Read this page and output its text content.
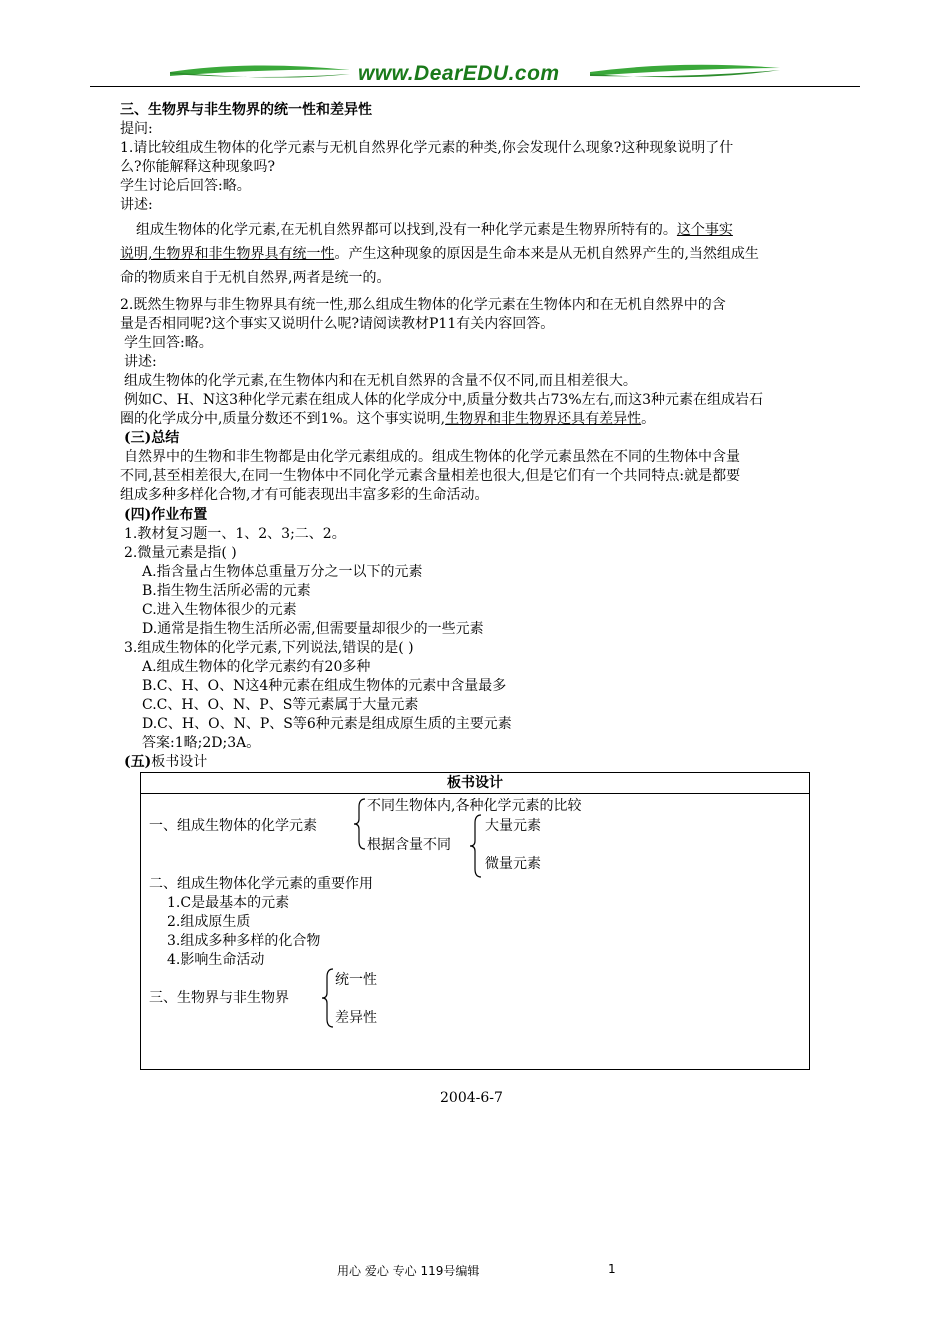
www.DearEDU.com
三、生物界与非生物界的统一性和差异性
提问:
1.请比较组成生物体的化学元素与无机自然界化学元素的种类,你会发现什么现象?这种现象说明了什
么?你能解释这种现象吗?
学生讨论后回答:略。
讲述:
组成生物体的化学元素,在无机自然界都可以找到,没有一种化学元素是生物界所特有的。这个事实
说明,生物界和非生物界具有统一性。产生这种现象的原因是生命本来是从无机自然界产生的,当然组成生
命的物质来自于无机自然界,两者是统一的。
2.既然生物界与非生物界具有统一性,那么组成生物体的化学元素在生物体内和在无机自然界中的含
量是否相同呢?这个事实又说明什么呢?请阅读教材P11有关内容回答。
学生回答:略。
讲述:
组成生物体的化学元素,在生物体内和在无机自然界的含量不仅不同,而且相差很大。
例如C、H、N这3种化学元素在组成人体的化学成分中,质量分数共占73%左右,而这3种元素在组成岩石
圈的化学成分中,质量分数还不到1%。这个事实说明,生物界和非生物界还具有差异性。
(三)总结
自然界中的生物和非生物都是由化学元素组成的。组成生物体的化学元素虽然在不同的生物体中含量
不同,甚至相差很大,在同一生物体中不同化学元素含量相差也很大,但是它们有一个共同特点:就是都要
组成多种多样化合物,才有可能表现出丰富多彩的生命活动。
(四)作业布置
1.教材复习题一、1、2、3;二、2。
2.微量元素是指( )
A.指含量占生物体总重量万分之一以下的元素
B.指生物生活所必需的元素
C.进入生物体很少的元素
D.通常是指生物生活所必需,但需要量却很少的一些元素
3.组成生物体的化学元素,下列说法,错误的是( )
A.组成生物体的化学元素约有20多种
B.C、H、O、N这4种元素在组成生物体的元素中含量最多
C.C、H、O、N、P、S等元素属于大量元素
D.C、H、O、N、P、S等6种元素是组成原生质的主要元素
答案:1略;2D;3A。
(五)板书设计
板书设计
一、组成生物体的化学元素
不同生物体内,各种化学元素的比较
根据含量不同
大量元素
微量元素
二、组成生物体化学元素的重要作用
1.C是最基本的元素
2.组成原生质
3.组成多种多样的化合物
4.影响生命活动
三、生物界与非生物界
统一性
差异性
2004-6-7
用心 爱心 专心 119号编辑	1
